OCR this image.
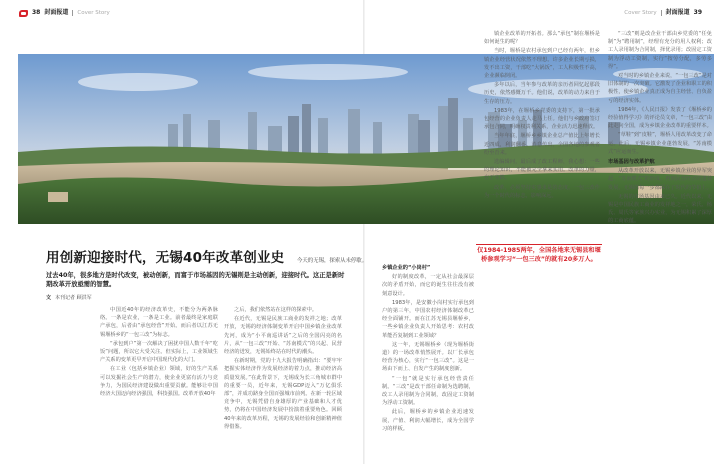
38 封面报道 Cover Story	Cover Story 封面报道 39
用创新迎接时代，无锡40年改革创业史
过去40年，很多地方是时代改变，被动创新，而富于市场基因的无锡则是主动创新，迎接时代。这正是新时期改革开放亟需的智慧。
文 本刊记者 顾洪军
今天的无锡，探索从未停歇。

中国近40年的经济改革史，不能分为两条脉络。一条是农业，一条是工业。前者最终是家庭联产承包，后者由“承包经营”开始。而后者以江苏无锡堰桥乡的“一包三改”为标志。

“承包到户”第一次解决了困扰中国人数千年“吃饭”问题，所以它大受关注。但实际上，工业领域生产关系的变革更早开启中国现代化的大门。

在工业（包括乡镇企业）领域，好的生产关系可以发掘社会生产的潜力，使企业更富有活力与竞争力，为国民经济建设做出重要贡献。能够让中国经济大国迈向经济强国，科技强国。改革开放40年

之后，我们依然站在这样的探索中。

在近代，无锡是民族工商业的发祥之地；改革开放，无锡的经济体制变革开启中国乡镇企业改革先河，成为“小平南巡讲话”之后的全国闪亮的名片，从“一包三改”开始、“苏南模式”的兴起、民营经济的迸发，无锡始终站在时代的潮头。

在新时期，党的十九大报告明确指出：“要牢牢把握实体经济作为发展经济的着力点，推动经济高质量发展。”在此背景下，无锡成为长三角城市群中的重要一员，近年来，无锡GDP迈入“万亿俱乐部”，并成功跻身全国百强城市前列。在新一轮区域竞争中，无锡凭借自身雄厚的产业基础和人才优势，仍将在中国经济发展中扮演着重要角色。回顾40年来的改革历程，无锡的发展经验和创新精神值得借鉴。

乡镇企业的“小岗村”

好的制度改革，一定从社会最深层次的矛盾开始，而它的诞生往往没有被刻意设计。

1983年，是安徽小岗村实行承包到户的第三年，中国农村经济体制改革已经全面铺开。而在江苏无锡县堰桥乡，一些乡镇企业负责人开始思考：农村改革能否复制到工业领域？

这一年，无锡堰桥乡（现为堰桥街道）的一场改革悄然展开。以厂长承包经营为核心，实行“一包三改”。这是一场由下而上、自发产生的制度创新。

“一包”就是实行承包经营责任制。“三改”是改干部任命制为选聘制，改工人录用制为合同制，改固定工资制为浮动工资制。

此后，堰桥乡的乡镇企业迅速发展，产值、利润大幅增长，成为全国学习的样板。

镇企业改革的开拓者。那么“承包”制在堰桥是如何诞生的呢？

当时，堰桥是农村承包到户已经有两年，但乡镇企业经营状况依然不理想。许多企业长期亏损，发不出工资，干部吃“大锅饭”，工人积极性不高，企业濒临倒闭。

多年以后，当年参与改革的亲历者回忆起那段历史，依然感慨万千。他们说，改革的动力来自于生存的压力。

1983年，在堰桥乡党委的支持下，第一批承包经营的企业负责人走马上任。他们与乡政府签订承包合同，明确权责利关系，企业活力迅速释放。

当年年底，堰桥乡乡镇企业总产值比上年增长近四成，利润翻番。消息传出，全国各地的参观者纷至沓来。

选编辑问，最后成了改工程师，我心想：一些的理论知识，不能被完全拿来实用。改革的力量，在于实践。

改革，必须坚持实事求是的态度。一包三改作为一个时代的标志，影响深远。

“三改”则是改企业干部由乡党委的“任免制”为“聘用制”，经理有充分的用人权利；改工人录用制为合同制，择优录用；改固定工资制为浮动工资制，实行“按劳分配，多劳多得”。

对当时的乡镇企业来说，“一包三改”是对旧体制的一次突破。它激发了企业和职工的积极性，使乡镇企业真正成为自主经营、自负盈亏的经济实体。

1984年，《人民日报》发表了《堰桥乡的经验值得学习》的评论员文章，“一包三改”由此走向全国，成为乡镇企业改革的重要样本。

“草鞋”到“皮鞋”，堰桥人用改革改变了命运。此后，无锡乡镇企业蓬勃发展，“苏南模式”应运而生。

市场基因与改革护航

从改革开放以来，无锡乡镇企业的异军突起、“苏南模式”的形成，再到民营经济的蓬勃发展，无锡的每一步都踩在了时代的节拍上。

无锡的市场基因由来已久。近代以来，无锡是中国民族工商业的发祥地之一，荣氏、杨氏、周氏等家族兴办实业，为无锡积累了深厚的工商底蕴。

仅1984-1985两年，全国各地来无锡县和堰桥参观学习“一包三改”的就有20多万人。
